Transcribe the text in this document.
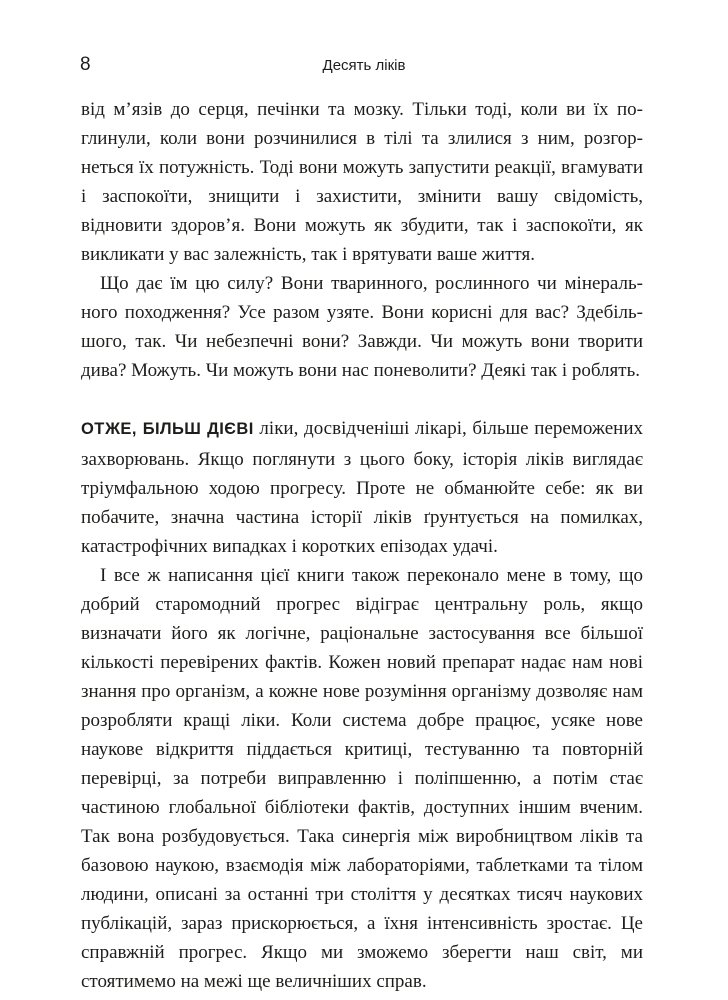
8	Десять ліків

від м’язів до серця, печінки та мозку. Тільки тоді, коли ви їх поглинули, коли вони розчинилися в тілі та злилися з ним, розгорнеться їх потужність. Тоді вони можуть запустити реакції, вгамувати і заспокоїти, знищити і захистити, змінити вашу свідомість, відновити здоров’я. Вони можуть як збудити, так і заспокоїти, як викликати у вас залежність, так і врятувати ваше життя.

Що дає їм цю силу? Вони тваринного, рослинного чи мінерального походження? Усе разом узяте. Вони корисні для вас? Здебільшого, так. Чи небезпечні вони? Завжди. Чи можуть вони творити дива? Можуть. Чи можуть вони нас поневолити? Деякі так і роблять.

ОТЖЕ, БІЛЬШ ДІЄВІ ліки, досвідченіші лікарі, більше переможених захворювань. Якщо поглянути з цього боку, історія ліків виглядає тріумфальною ходою прогресу. Проте не обманюйте себе: як ви побачите, значна частина історії ліків ґрунтується на помилках, катастрофічних випадках і коротких епізодах удачі.

І все ж написання цієї книги також переконало мене в тому, що добрий старомодний прогрес відіграє центральну роль, якщо визначати його як логічне, раціональне застосування все більшої кількості перевірених фактів. Кожен новий препарат надає нам нові знання про організм, а кожне нове розуміння організму дозволяє нам розробляти кращі ліки. Коли система добре працює, усяке нове наукове відкриття піддається критиці, тестуванню та повторній перевірці, за потреби виправленню і поліпшенню, а потім стає частиною глобальної бібліотеки фактів, доступних іншим вченим. Так вона розбудовується. Така синергія між виробництвом ліків та базовою наукою, взаємодія між лабораторіями, таблетками та тілом людини, описані за останні три століття у десятках тисяч наукових публікацій, зараз прискорюється, а їхня інтенсивність зростає. Це справжній прогрес. Якщо ми зможемо зберегти наш світ, ми стоятимемо на межі ще величніших справ.
